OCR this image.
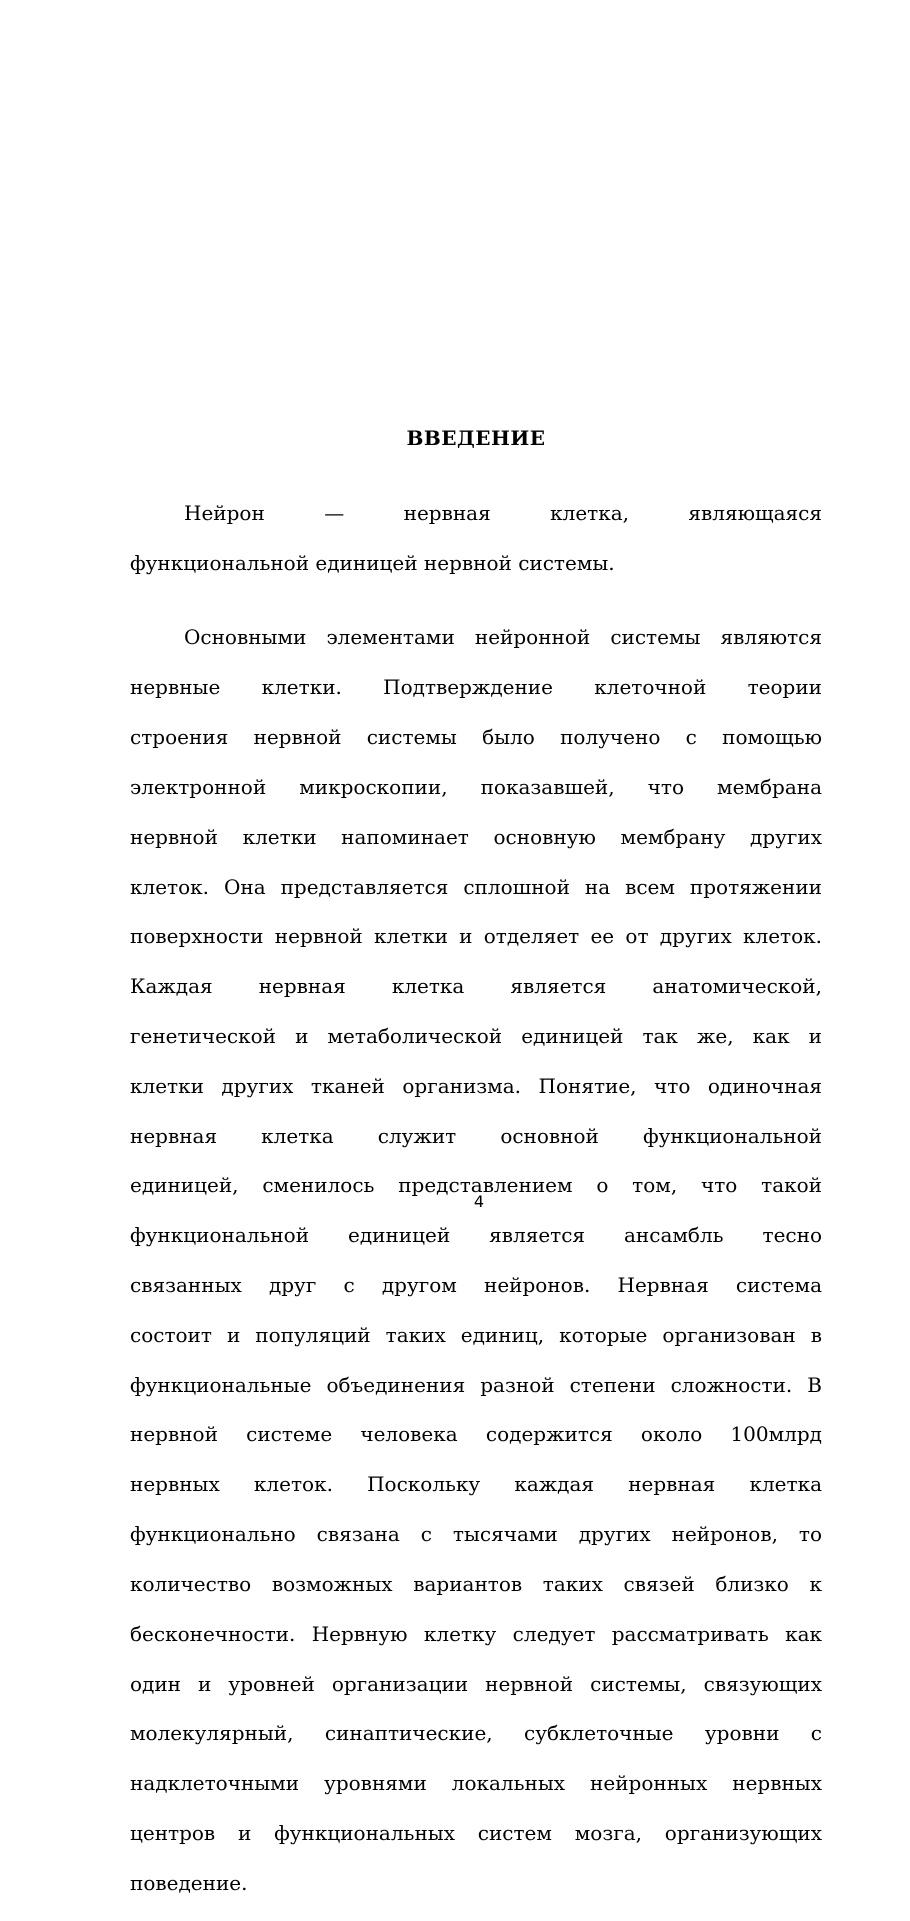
ВВЕДЕНИЕ

Нейрон — нервная клетка, являющаяся

функциональной единицей нервной системы.

Основными элементами нейронной системы являются

нервные клетки. Подтверждение клеточной теории

строения нервной системы было получено с помощью

электронной микроскопии, показавшей, что мембрана

нервной клетки напоминает основную мембрану других

клеток. Она представляется сплошной на всем протяжении

поверхности нервной клетки и отделяет ее от других клеток.

Каждая нервная клетка является анатомической,

генетической и метаболической единицей так же, как и

клетки других тканей организма. Понятие, что одиночная

нервная клетка служит основной функциональной

единицей, сменилось представлением о том, что такой

функциональной единицей является ансамбль тесно

связанных друг с другом нейронов. Нервная система

состоит и популяций таких единиц, которые организован в

функциональные объединения разной степени сложности. В

нервной системе человека содержится около 100млрд

нервных клеток. Поскольку каждая нервная клетка

функционально связана с тысячами других нейронов, то

количество возможных вариантов таких связей близко к

бесконечности. Нервную клетку следует рассматривать как

один и уровней организации нервной системы, связующих

молекулярный, синаптические, субклеточные уровни с

надклеточными уровнями локальных нейронных нервных

центров и функциональных систем мозга, организующих

поведение.

4
